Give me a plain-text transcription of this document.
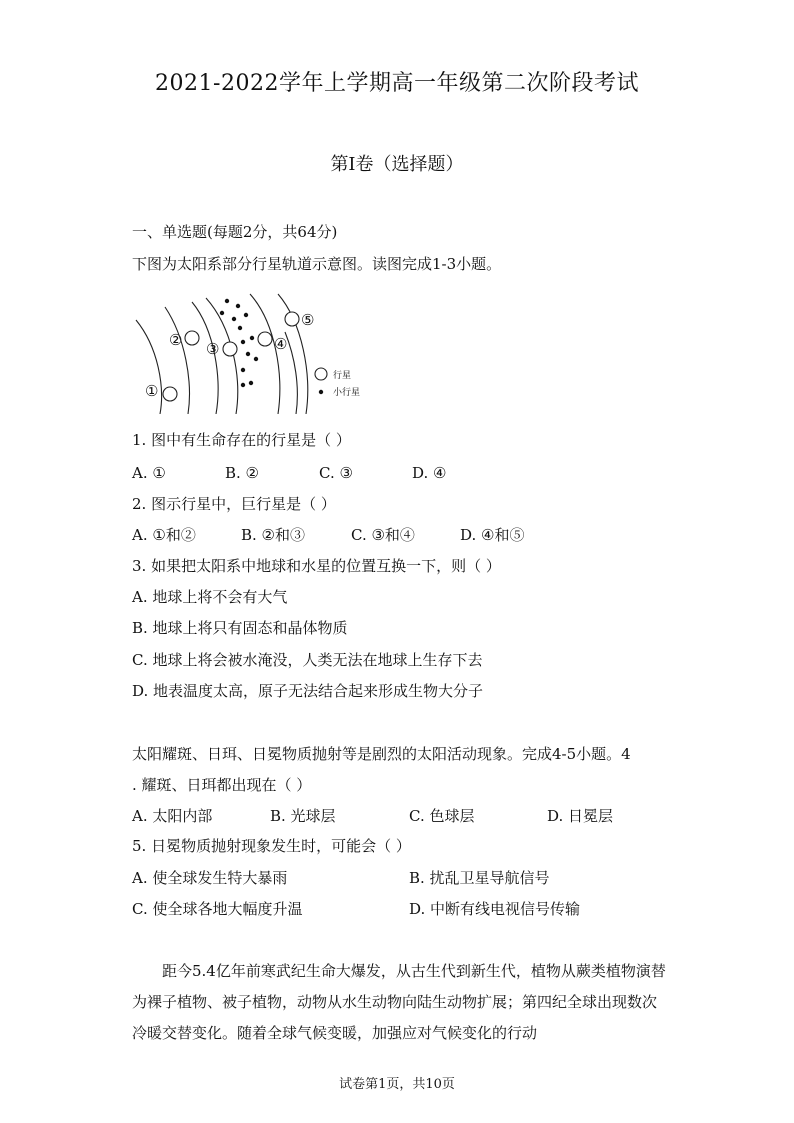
2021-2022学年上学期高一年级第二次阶段考试
第Ⅰ卷（选择题）
一、单选题(每题2分，共64分)
下图为太阳系部分行星轨道示意图。读图完成1-3小题。
①
② ③	④
⑤
行星
小行星
1. 图中有生命存在的行星是（ ）
A. ①	B. ②	C. ③	D. ④
2. 图示行星中，巨行星是（ ）
A. ①和②	B. ②和③	C. ③和④	D. ④和⑤
3. 如果把太阳系中地球和水星的位置互换一下，则（ ）
A. 地球上将不会有大气
B. 地球上将只有固态和晶体物质
C. 地球上将会被水淹没，人类无法在地球上生存下去
D. 地表温度太高，原子无法结合起来形成生物大分子
太阳耀斑、日珥、日冕物质抛射等是剧烈的太阳活动现象。完成4-5小题。4
. 耀斑、日珥都出现在（ ）
A. 太阳内部	B. 光球层	C. 色球层	D. 日冕层
5. 日冕物质抛射现象发生时，可能会（ ）
A. 使全球发生特大暴雨	B. 扰乱卫星导航信号
C. 使全球各地大幅度升温	D. 中断有线电视信号传输
距今5.4亿年前寒武纪生命大爆发，从古生代到新生代，植物从蕨类植物演替为裸子植物、被子植物，动物从水生动物向陆生动物扩展；第四纪全球出现数次冷暖交替变化。随着全球气候变暖，加强应对气候变化的行动
试卷第1页，共10页
